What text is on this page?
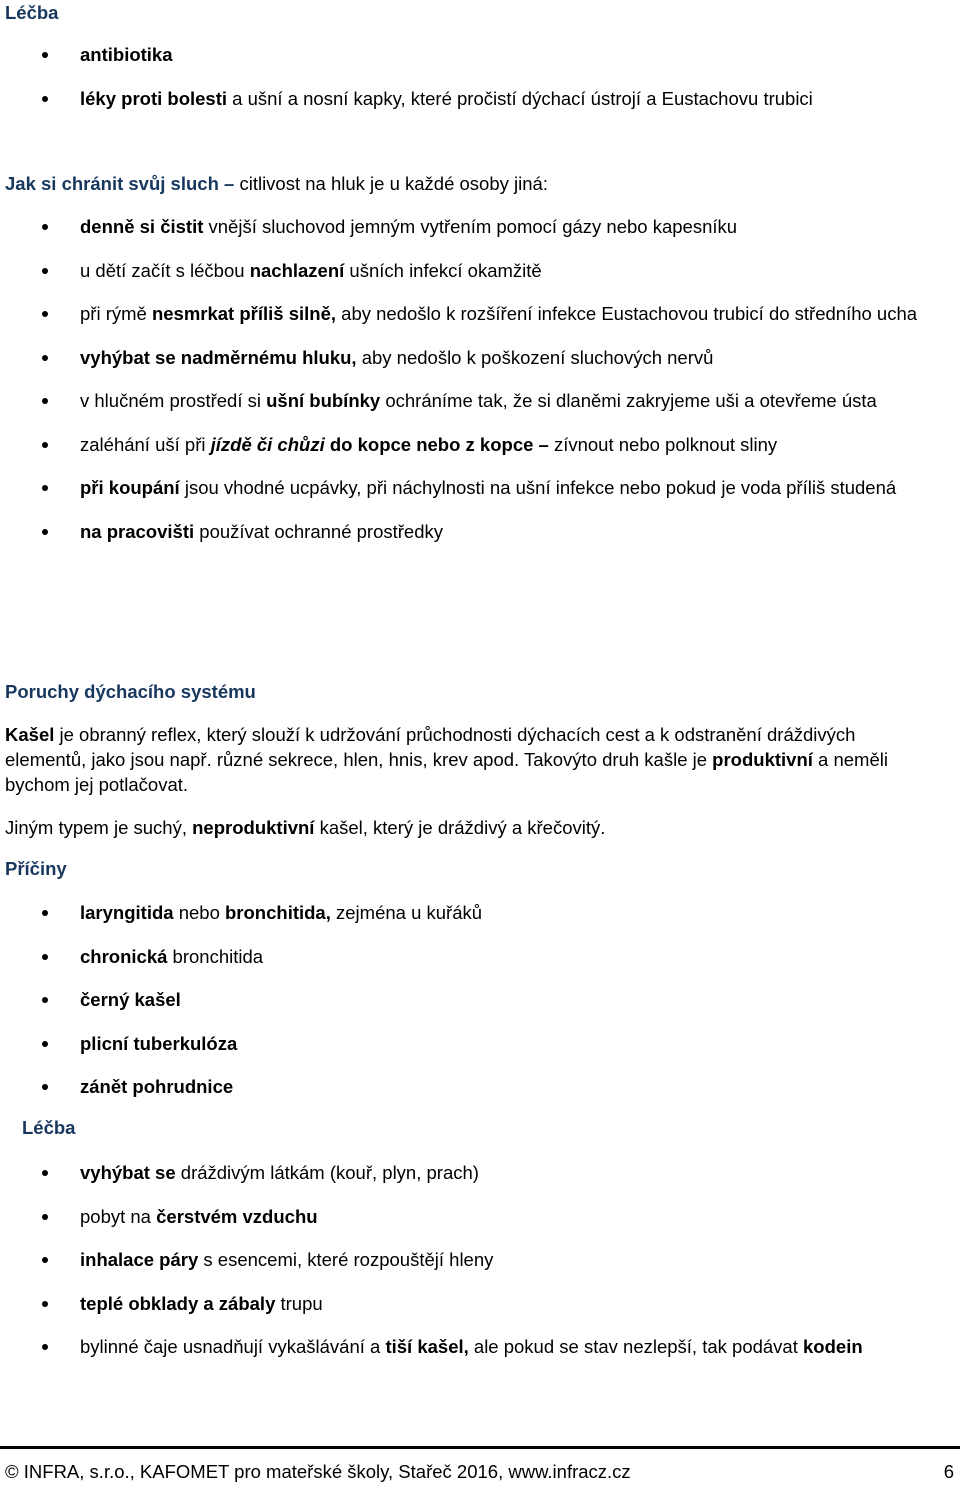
Léčba
antibiotika
léky proti bolesti a ušní a nosní kapky, které pročistí dýchací ústrojí a Eustachovu trubici
Jak si chránit svůj sluch – citlivost na hluk je u každé osoby jiná:
denně si čistit vnější sluchovod jemným vytřením pomocí gázy nebo kapesníku
u dětí začít s léčbou nachlazení ušních infekcí okamžitě
při rýmě nesmrkat příliš silně, aby nedošlo k rozšíření infekce Eustachovou trubicí do středního ucha
vyhýbat se nadměrnému hluku, aby nedošlo k poškození sluchových nervů
v hlučném prostředí si ušní bubínky ochráníme tak, že si dlaněmi zakryjeme uši a otevřeme ústa
zaléhání uší při jízdě či chůzi do kopce nebo z kopce – zívnout nebo polknout sliny
při koupání jsou vhodné ucpávky, při náchylnosti na ušní infekce nebo pokud je voda příliš studená
na pracovišti používat ochranné prostředky
Poruchy dýchacího systému

Kašel je obranný reflex, který slouží k udržování průchodnosti dýchacích cest a k odstranění dráždivých elementů, jako jsou např. různé sekrece, hlen, hnis, krev apod. Takovýto druh kašle je produktivní a neměli bychom jej potlačovat.

Jiným typem je suchý, neproduktivní kašel, který je dráždivý a křečovitý.

Příčiny
laryngitida nebo bronchitida, zejména u kuřáků
chronická bronchitida
černý kašel
plicní tuberkulóza
zánět pohrudnice
Léčba
vyhýbat se dráždivým látkám (kouř, plyn, prach)
pobyt na čerstvém vzduchu
inhalace páry s esencemi, které rozpouštějí hleny
teplé obklady a zábaly trupu
bylinné čaje usnadňují vykašlávání a tiší kašel, ale pokud se stav nezlepší, tak podávat kodein
© INFRA, s.r.o., KAFOMET pro mateřské školy, Stařeč 2016, www.infracz.cz	6
